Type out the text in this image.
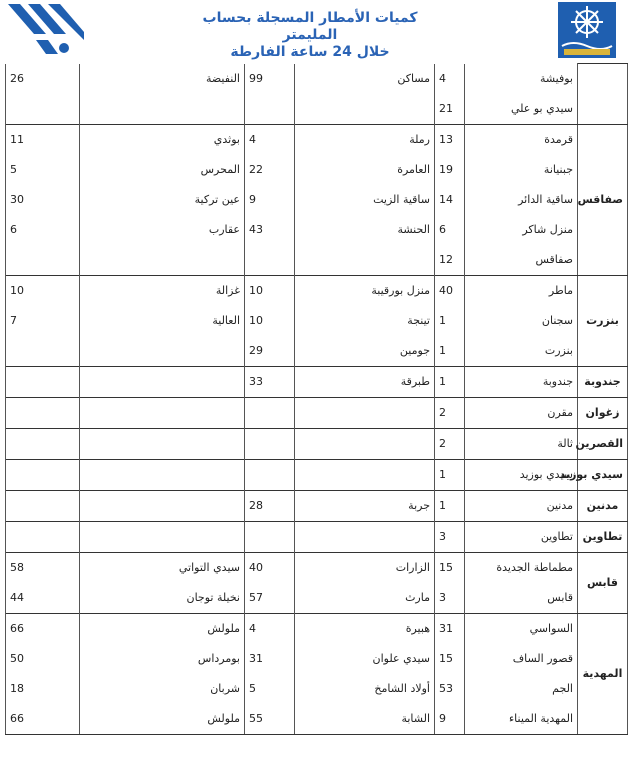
كميات الأمطار المسجلة بحساب المليمتر
خلال 24 ساعة الفارطة
	بوفيشة	4	مساكن	99	النفيضة	26
	سيدي بو علي	21				
صفاقس	قرمدة	13	رملة	4	بوثدي	11
	جبنيانة	19	العامرة	22	المحرس	5
	ساقية الدائر	14	ساقية الزيت	9	عين تركية	30
	منزل شاكر	6	الحنشة	43	عقارب	6
	صفاقس	12				
بنزرت	ماطر	40	منزل بورقيبة	10	غزالة	10
	سجنان	1	تينجة	10	العالية	7
	بنزرت	1	جومين	29		
جندوبة	جندوبة	1	طبرقة	33		
زغوان	مقرن	2				
القصرين	ثالة	2				
سيدي بوزيد	سيدي بوزيد	1				
مدنين	مدنين	1	جربة	28		
تطاوين	تطاوين	3				
قابس	مطماطة الجديدة	15	الزارات	40	سيدي التواتي	58
	قابس	3	مارث	57	نخيلة توجان	44
المهدية	السواسي	31	هبيرة	4	ملولش	66
	قصور الساف	15	سيدي علوان	31	بومرداس	50
	الجم	53	أولاد الشامخ	5	شربان	18
	المهدية الميناء	9	الشابة	55	ملولش	66
